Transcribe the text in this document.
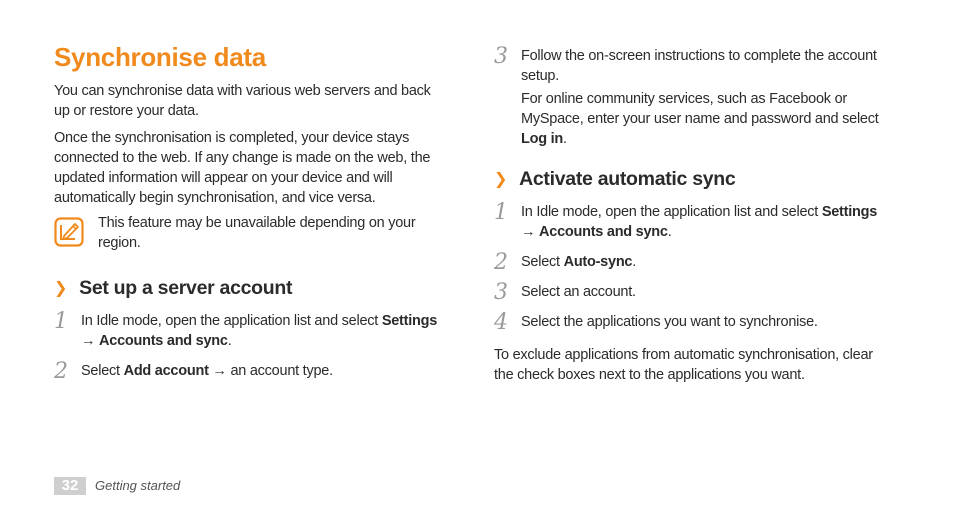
Synchronise data

You can synchronise data with various web servers and back up or restore your data.

Once the synchronisation is completed, your device stays connected to the web. If any change is made on the web, the updated information will appear on your device and will automatically begin synchronisation, and vice versa.

This feature may be unavailable depending on your region.

❯ Set up a server account
1 In Idle mode, open the application list and select Settings → Accounts and sync.

2 Select Add account → an account type.

3 Follow the on-screen instructions to complete the account setup.

For online community services, such as Facebook or MySpace, enter your user name and password and select Log in.

❯ Activate automatic sync
1 In Idle mode, open the application list and select Settings → Accounts and sync.

2 Select Auto-sync.

3 Select an account.

4 Select the applications you want to synchronise.

To exclude applications from automatic synchronisation, clear the check boxes next to the applications you want.

32	Getting started
